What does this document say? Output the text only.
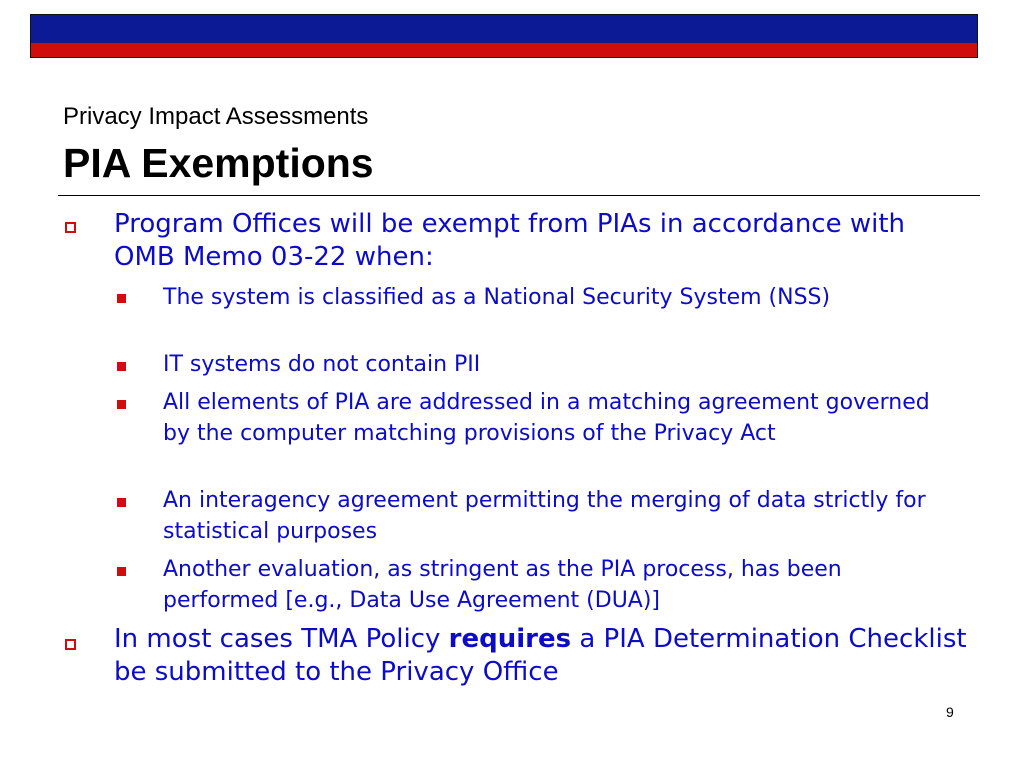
Privacy Impact Assessments
PIA Exemptions
Program Offices will be exempt from PIAs in accordance with OMB Memo 03-22 when:
The system is classified as a National Security System (NSS)
IT systems do not contain PII
All elements of PIA are addressed in a matching agreement governed by the computer matching provisions of the Privacy Act
An interagency agreement permitting the merging of data strictly for statistical purposes
Another evaluation, as stringent as the PIA process, has been performed [e.g., Data Use Agreement (DUA)]
In most cases TMA Policy requires a PIA Determination Checklist be submitted to the Privacy Office
9
